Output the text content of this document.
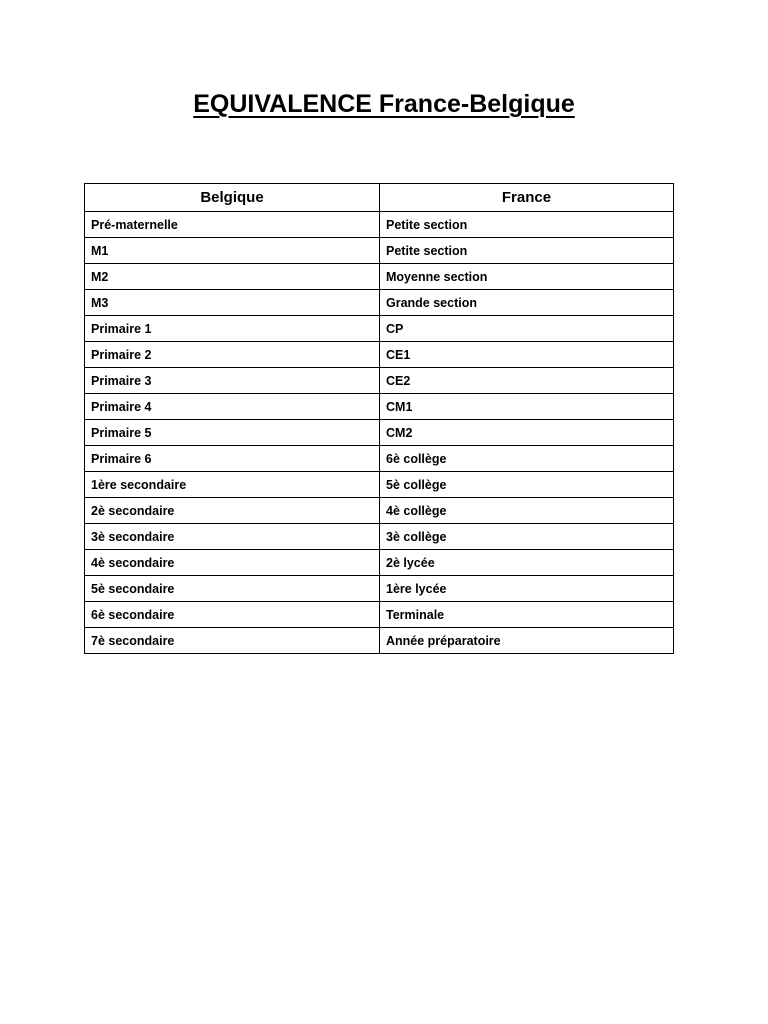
EQUIVALENCE France-Belgique
Belgique	France
Pré-maternelle	Petite section
M1	Petite section
M2	Moyenne section
M3	Grande section
Primaire 1	CP
Primaire 2	CE1
Primaire 3	CE2
Primaire 4	CM1
Primaire 5	CM2
Primaire 6	6è collège
1ère secondaire	5è collège
2è secondaire	4è collège
3è secondaire	3è collège
4è secondaire	2è lycée
5è secondaire	1ère lycée
6è secondaire	Terminale
7è secondaire	Année préparatoire
